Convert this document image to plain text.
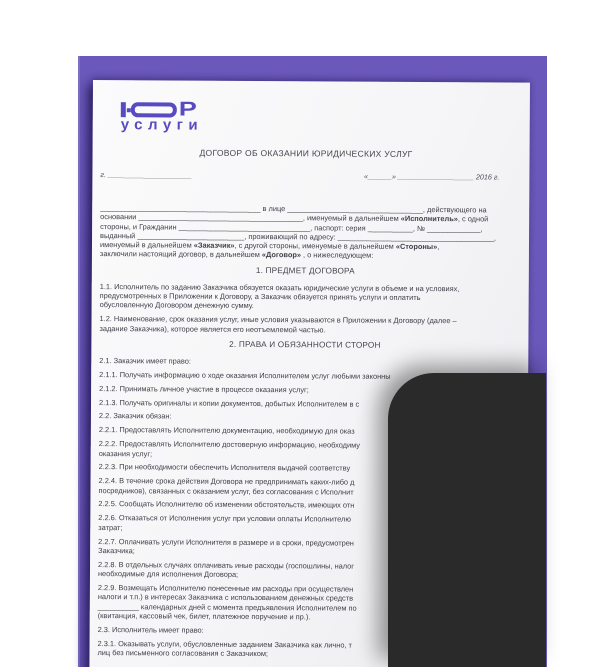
Р
услуги
ДОГОВОР ОБ ОКАЗАНИИ ЮРИДИЧЕСКИХ УСЛУГ
г. _____________________	«______» ___________________ 2016 г.
_______________________________________ в лице _________________________________, действующего на
основании ________________________________________, именуемый в дальнейшем «Исполнитель», с одной
стороны, и Гражданин ________________________________, паспорт: серия ___________, № _____________,
выданный __________________________, проживающий по адресу: ______________________________________,
именуемый в дальнейшем «Заказчик», с другой стороны, именуемые в дальнейшем «Стороны»,
заключили настоящий договор, в дальнейшем «Договор» , о нижеследующем:
1. ПРЕДМЕТ ДОГОВОРА
1.1. Исполнитель по заданию Заказчика обязуется оказать юридические услуги в объеме и на условиях,
предусмотренных в Приложении к Договору, а Заказчик обязуется принять услуги и оплатить
обусловленную Договором денежную сумму.
1.2. Наименование, срок оказания услуг, иные условия указываются в Приложении к Договору (далее –
задание Заказчика), которое является его неотъемлемой частью.
2. ПРАВА И ОБЯЗАННОСТИ СТОРОН
2.1. Заказчик имеет право:
2.1.1. Получать информацию о ходе оказания Исполнителем услуг любыми законны
2.1.2. Принимать личное участие в процессе оказания услуг;
2.1.3. Получать оригиналы и копии документов, добытых Исполнителем в с
2.2. Заказчик обязан:
2.2.1. Предоставлять Исполнителю документацию, необходимую для оказ
2.2.2. Предоставлять Исполнителю достоверную информацию, необходиму
оказания услуг;
2.2.3. При необходимости обеспечить Исполнителя выдачей соответству
2.2.4. В течение срока действия Договора не предпринимать каких-либо д
посредников), связанных с оказанием услуг, без согласования с Исполнит
2.2.5. Сообщать Исполнителю об изменении обстоятельств, имеющих отн
2.2.6. Отказаться от Исполнения услуг при условии оплаты Исполнителю
затрат;
2.2.7. Оплачивать услуги Исполнителя в размере и в сроки, предусмотрен
Заказчика;
2.2.8. В отдельных случаях оплачивать иные расходы (госпошлины, налог
необходимые для исполнения Договора;
2.2.9. Возмещать Исполнителю понесенные им расходы при осуществлен
налоги и т.п.) в интересах Заказчика с использованием денежных средств
__________ календарных дней с момента предъявления Исполнителем по
(квитанция, кассовый чек, билет, платежное поручение и пр.).
2.3. Исполнитель имеет право:
2.3.1. Оказывать услуги, обусловленные заданием Заказчика как лично, т
лиц без письменного согласования с Заказчиком;
